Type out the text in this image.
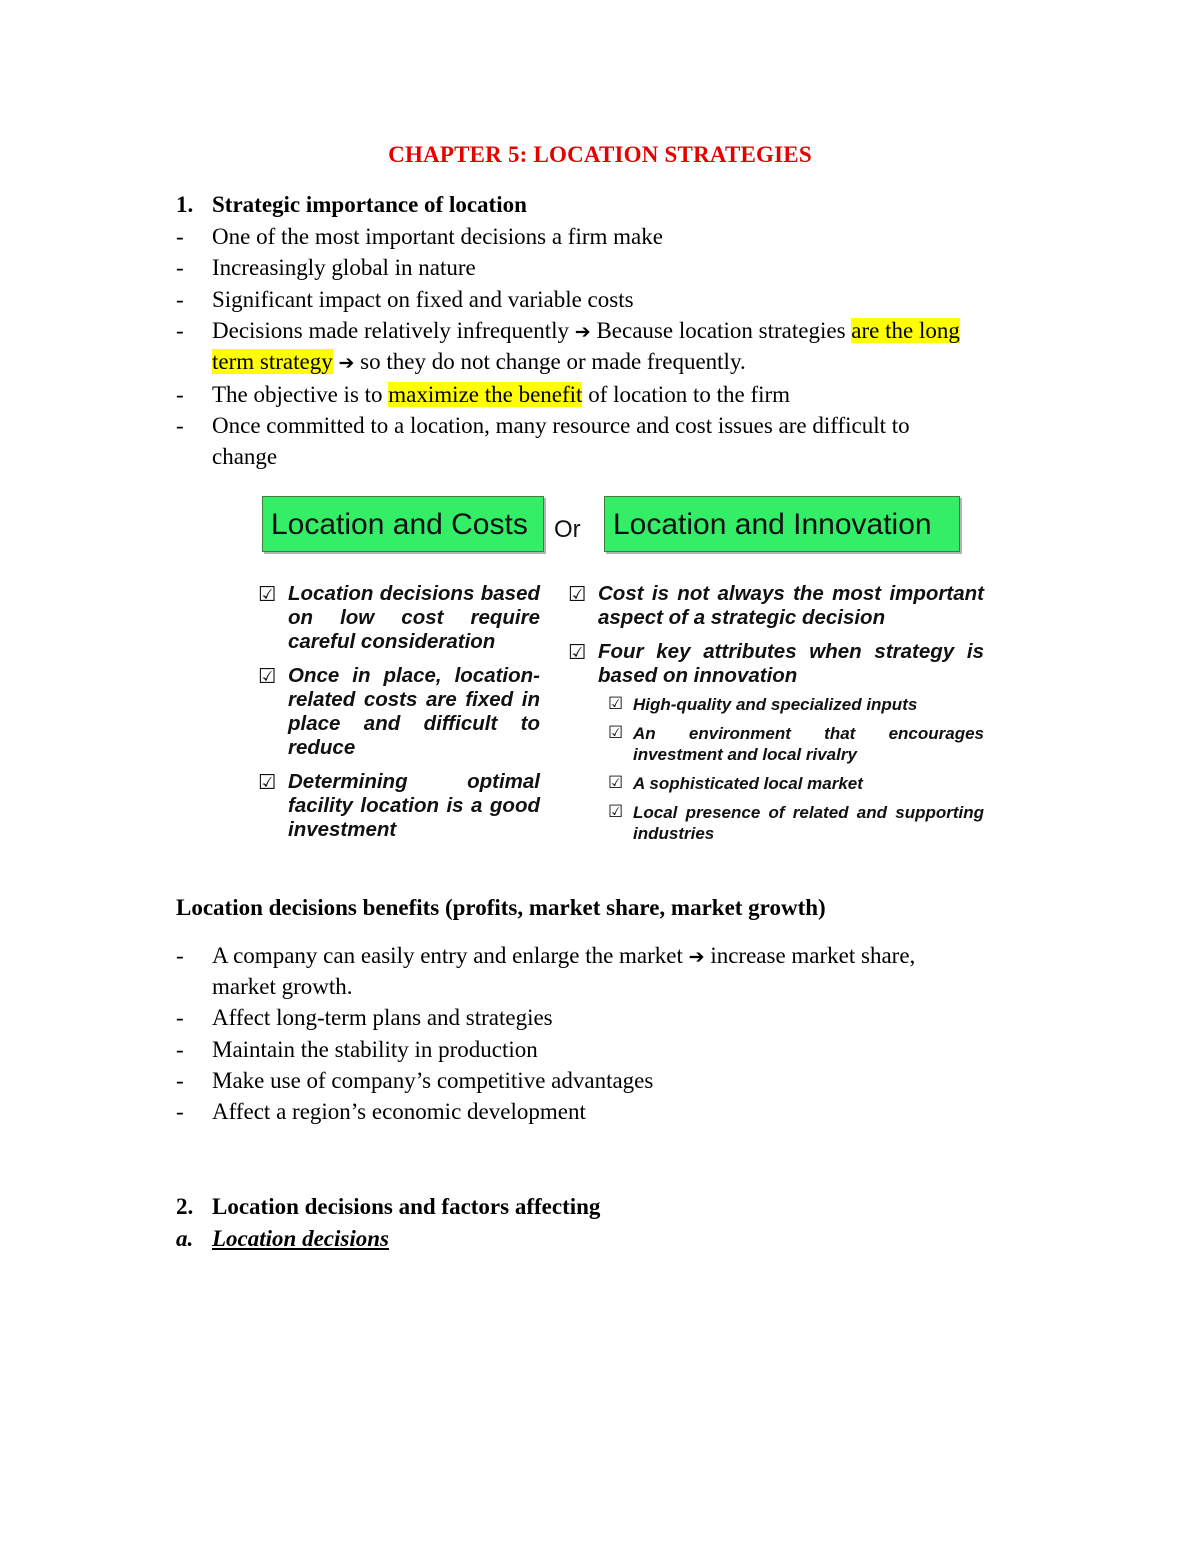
CHAPTER 5: LOCATION STRATEGIES
1. Strategic importance of location
- One of the most important decisions a firm make
- Increasingly global in nature
- Significant impact on fixed and variable costs
- Decisions made relatively infrequently ➔ Because location strategies are the long
term strategy ➔ so they do not change or made frequently.
- The objective is to maximize the benefit of location to the firm
- Once committed to a location, many resource and cost issues are difficult to
change
Location and Costs	Or	Location and Innovation
☑ Location decisions based on low cost require careful consideration
☑ Once in place, location-related costs are fixed in place and difficult to reduce
☑ Determining optimal facility location is a good investment
☑ Cost is not always the most important aspect of a strategic decision
☑ Four key attributes when strategy is based on innovation
☑ High-quality and specialized inputs
☑ An environment that encourages investment and local rivalry
☑ A sophisticated local market
☑ Local presence of related and supporting industries
Location decisions benefits (profits, market share, market growth)
- A company can easily entry and enlarge the market ➔ increase market share,
market growth.
- Affect long-term plans and strategies
- Maintain the stability in production
- Make use of company’s competitive advantages
- Affect a region’s economic development
2. Location decisions and factors affecting
a. Location decisions
